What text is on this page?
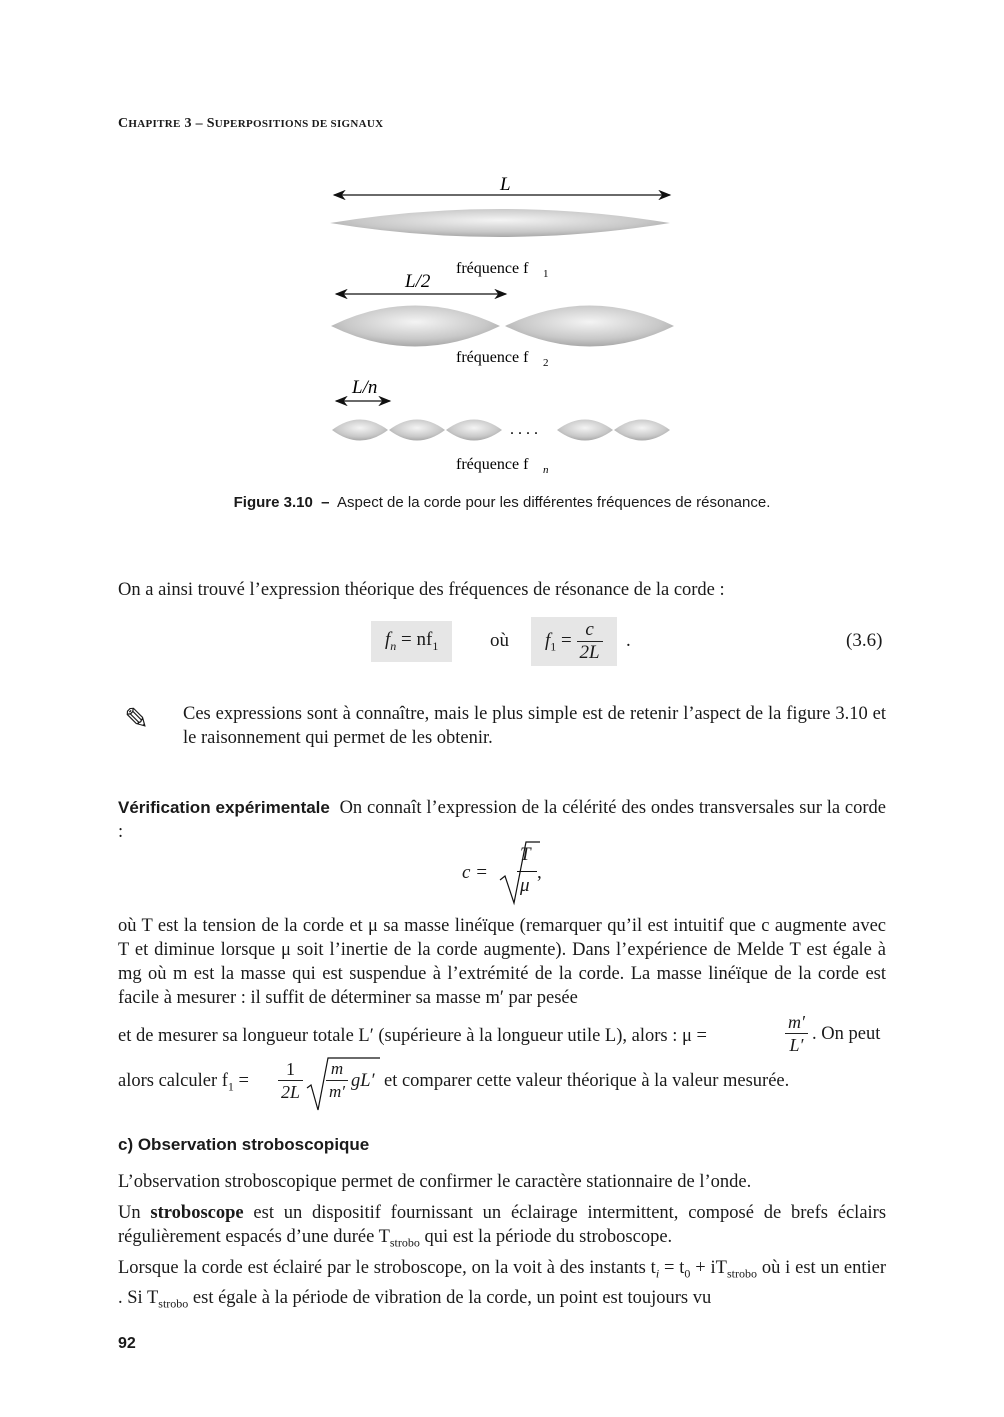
CHAPITRE 3 – SUPERPOSITIONS DE SIGNAUX
L
fréquence f 1
L/2
fréquence f 2
L/n
. . . .
fréquence f n
Figure 3.10 – Aspect de la corde pour les différentes fréquences de résonance.
On a ainsi trouvé l’expression théorique des fréquences de résonance de la corde :
$f_n = nf_1$	où	$f_1 = \frac{c}{2L}$ .	(3.6)
✎ Ces expressions sont à connaître, mais le plus simple est de retenir l’aspect de la figure 3.10 et le raisonnement qui permet de les obtenir.
Vérification expérimentale On connaît l’expression de la célérité des ondes transversales sur la corde :
c =
T
μ
,
où T est la tension de la corde et μ sa masse linéïque (remarquer qu’il est intuitif que c augmente avec T et diminue lorsque μ soit l’inertie de la corde augmente). Dans l’expérience de Melde T est égale à mg où m est la masse qui est suspendue à l’extrémité de la corde. La masse linéïque de la corde est facile à mesurer : il suffit de déterminer sa masse m′ par pesée
et de mesurer sa longueur totale L′ (supérieure à la longueur utile L), alors : μ =	$\frac{m'}{L'}$ . On peut
alors calculer $f_1 = \frac{1}{2L} \frac{m}{m'} gL'$ et comparer cette valeur théorique à la valeur mesurée.
c) Observation stroboscopique
L’observation stroboscopique permet de confirmer le caractère stationnaire de l’onde.
Un stroboscope est un dispositif fournissant un éclairage intermittent, composé de brefs éclairs régulièrement espacés d’une durée $T_{strobo}$ qui est la période du stroboscope.
Lorsque la corde est éclairé par le stroboscope, on la voit à des instants $t_i = t_0 + iT_{strobo}$ où i est un entier . Si $T_{strobo}$ est égale à la période de vibration de la corde, un point est toujours vu
92
